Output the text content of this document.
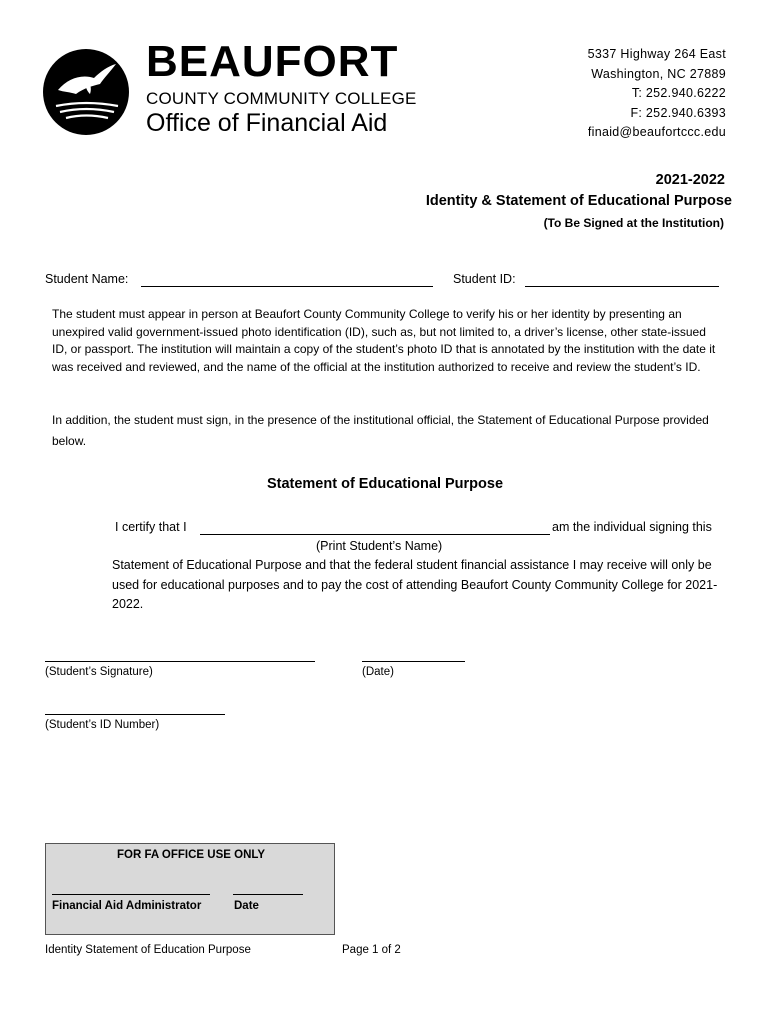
BEAUFORT
COUNTY COMMUNITY COLLEGE
Office of Financial Aid
5337 Highway 264 East
Washington, NC 27889
T: 252.940.6222
F: 252.940.6393
finaid@beaufortccc.edu
2021-2022
Identity & Statement of Educational Purpose
(To Be Signed at the Institution)
Student Name:	Student ID:
The student must appear in person at Beaufort County Community College to verify his or her identity by presenting an unexpired valid government-issued photo identification (ID), such as, but not limited to, a driver’s license, other state-issued ID, or passport. The institution will maintain a copy of the student’s photo ID that is annotated by the institution with the date it was received and reviewed, and the name of the official at the institution authorized to receive and review the student’s ID.
In addition, the student must sign, in the presence of the institutional official, the Statement of Educational Purpose provided below.
Statement of Educational Purpose
I certify that I	am the individual signing this
(Print Student’s Name)
Statement of Educational Purpose and that the federal student financial assistance I may receive will only be used for educational purposes and to pay the cost of attending Beaufort County Community College for 2021-2022.
(Student’s Signature)	(Date)
(Student’s ID Number)
FOR FA OFFICE USE ONLY
Financial Aid Administrator	Date
Identity Statement of Education Purpose	Page 1 of 2
